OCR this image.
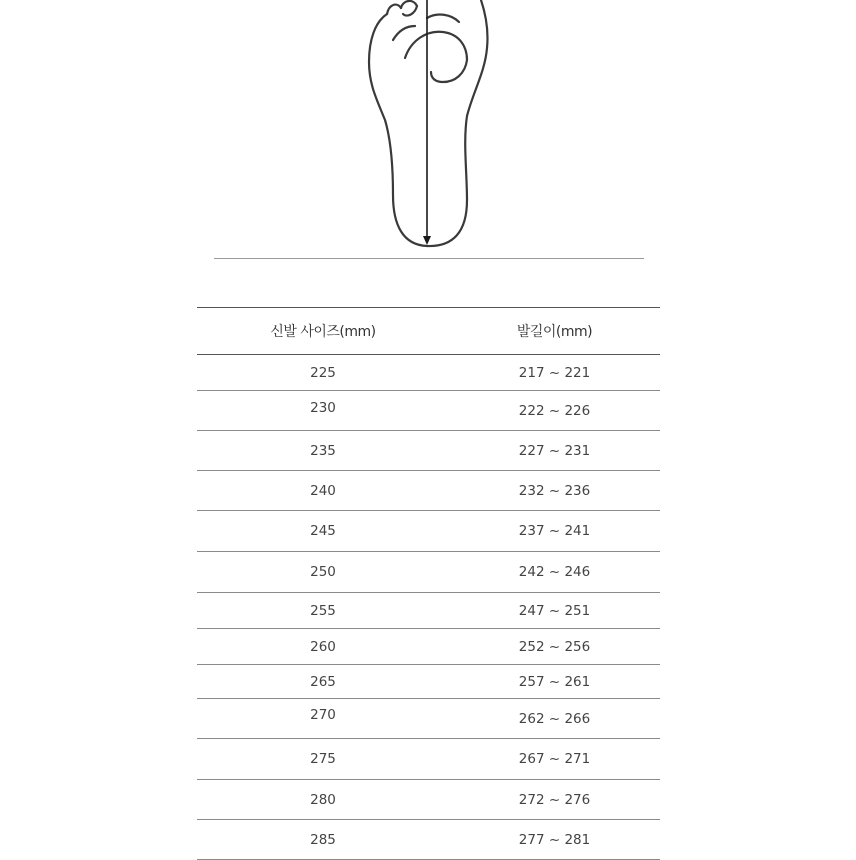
신발 사이즈(mm)	발길이(mm)
225	217 ~ 221
230	222 ~ 226
235	227 ~ 231
240	232 ~ 236
245	237 ~ 241
250	242 ~ 246
255	247 ~ 251
260	252 ~ 256
265	257 ~ 261
270	262 ~ 266
275	267 ~ 271
280	272 ~ 276
285	277 ~ 281
